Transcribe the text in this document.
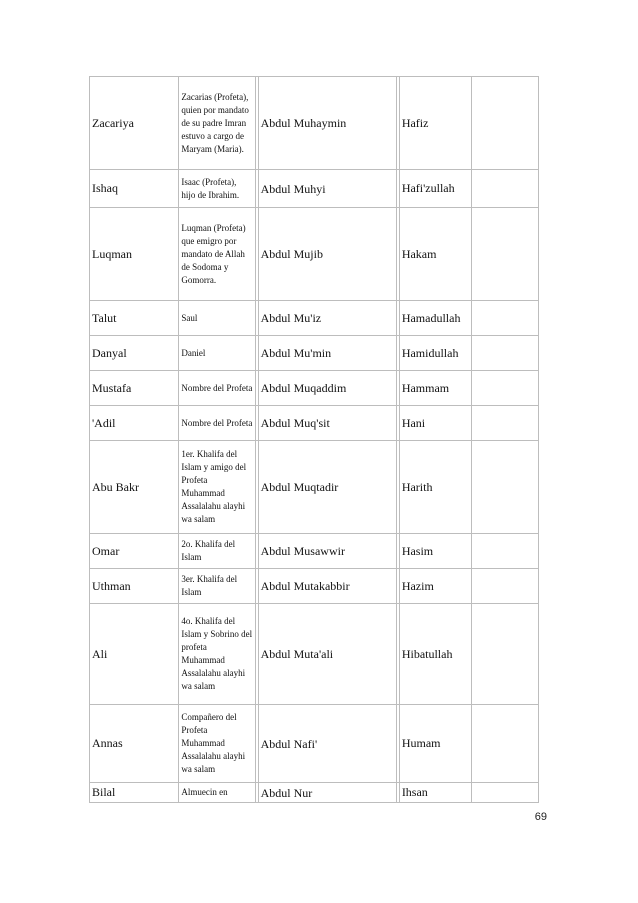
Zacariya	Zacarias (Profeta), quien por mandato de su padre Imran estuvo a cargo de Maryam (Maria).		Abdul Muhaymin		Hafiz	
Ishaq	Isaac (Profeta), hijo de Ibrahim.		Abdul Muhyi		Hafi'zullah	
Luqman	Luqman (Profeta) que emigro por mandato de Allah de Sodoma y Gomorra.		Abdul Mujib		Hakam	
Talut	Saul		Abdul Mu'iz		Hamadullah	
Danyal	Daniel		Abdul Mu'min		Hamidullah	
Mustafa	Nombre del Profeta		Abdul Muqaddim		Hammam	
'Adil	Nombre del Profeta		Abdul Muq'sit		Hani	
Abu Bakr	1er. Khalifa del Islam y amigo del Profeta Muhammad Assalalahu alayhi wa salam		Abdul Muqtadir		Harith	
Omar	2o. Khalifa del Islam		Abdul Musawwir		Hasim	
Uthman	3er. Khalifa del Islam		Abdul Mutakabbir		Hazim	
Ali	4o. Khalifa del Islam y Sobrino del profeta Muhammad Assalalahu alayhi wa salam		Abdul Muta'ali		Hibatullah	
Annas	Compañero del Profeta Muhammad Assalalahu alayhi wa salam		Abdul Nafi'		Humam	
Bilal	Almuecin en		Abdul Nur		Ihsan	
69
